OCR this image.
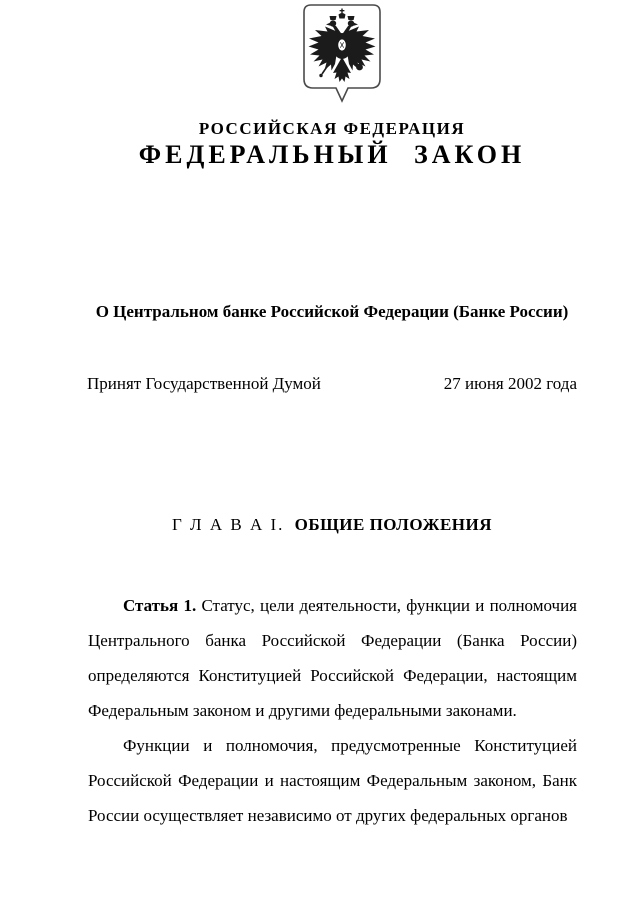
РОССИЙСКАЯ ФЕДЕРАЦИЯ
ФЕДЕРАЛЬНЫЙ ЗАКОН
О Центральном банке Российской Федерации (Банке России)
Принят Государственной Думой	27 июня 2002 года
Г Л А В А I. ОБЩИЕ ПОЛОЖЕНИЯ

Статья 1. Статус, цели деятельности, функции и полномочия Центрального банка Российской Федерации (Банка России) определяются Конституцией Российской Федерации, настоящим Федеральным законом и другими федеральными законами.

Функции и полномочия, предусмотренные Конституцией Российской Федерации и настоящим Федеральным законом, Банк России осуществляет независимо от других федеральных органов
